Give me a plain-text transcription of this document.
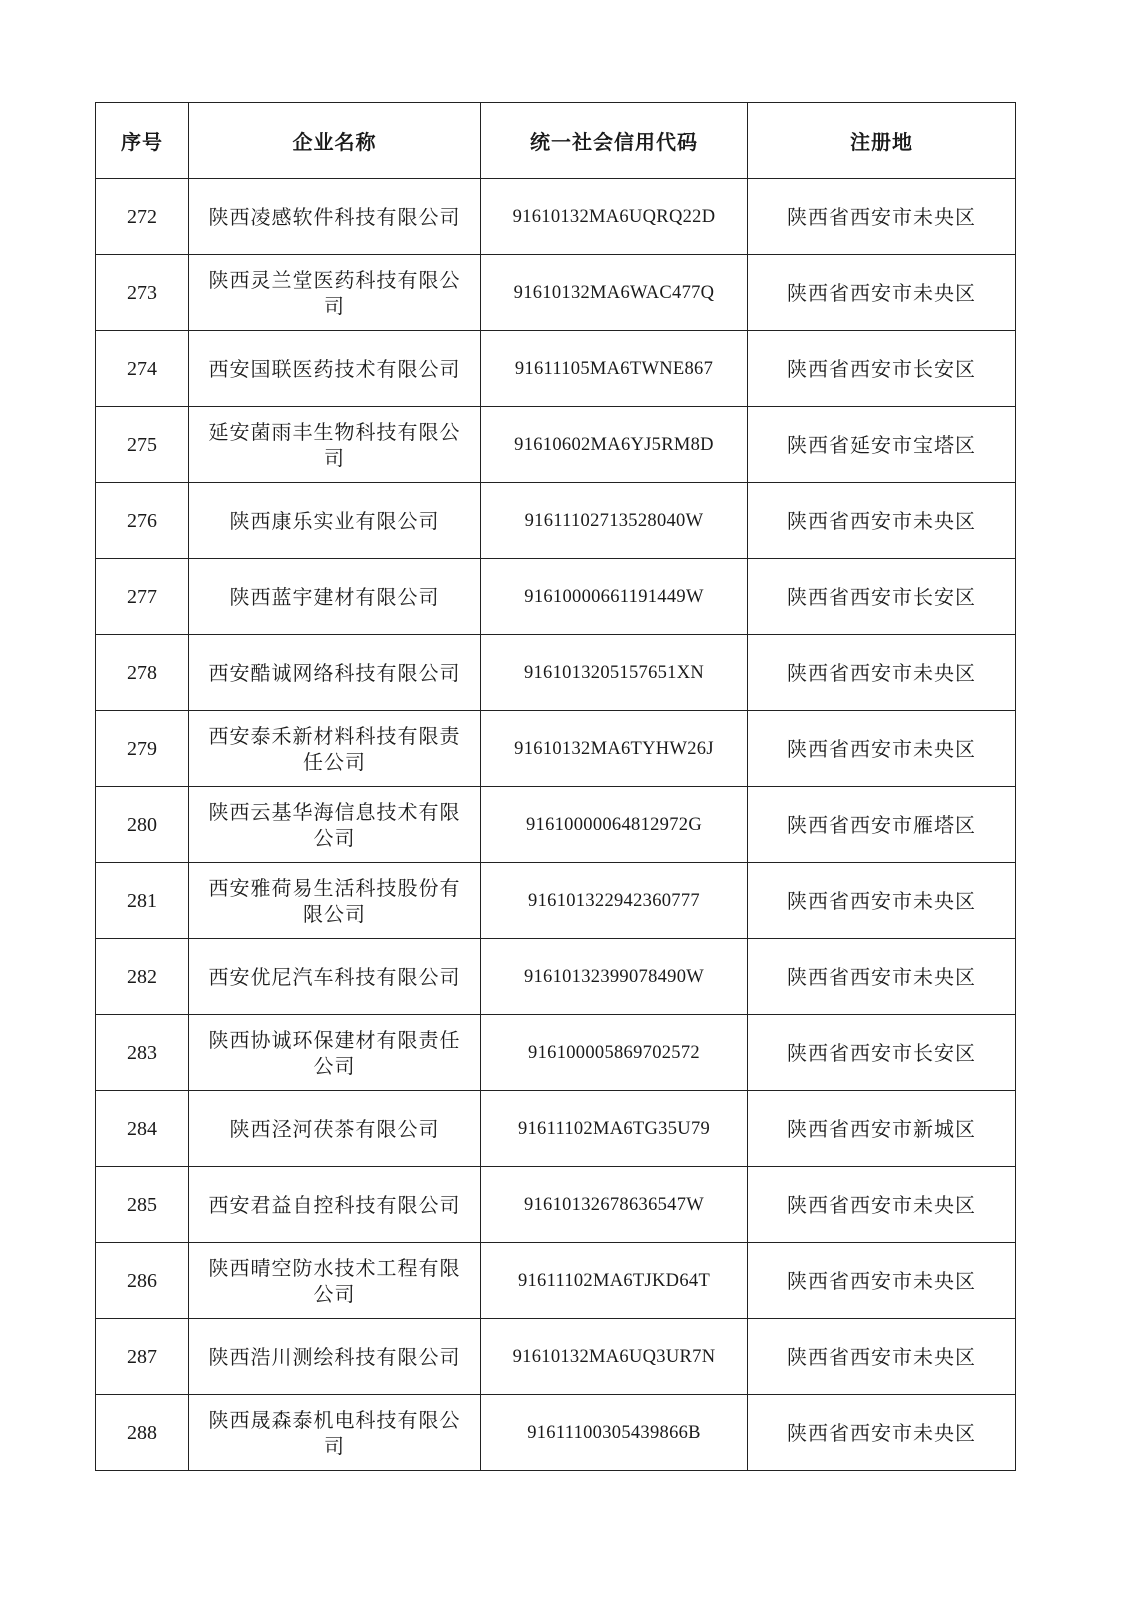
序号	企业名称	统一社会信用代码	注册地
272	陕西凌感软件科技有限公司	91610132MA6UQRQ22D	陕西省西安市未央区
273	陕西灵兰堂医药科技有限公司	91610132MA6WAC477Q	陕西省西安市未央区
274	西安国联医药技术有限公司	91611105MA6TWNE867	陕西省西安市长安区
275	延安菌雨丰生物科技有限公司	91610602MA6YJ5RM8D	陕西省延安市宝塔区
276	陕西康乐实业有限公司	91611102713528040W	陕西省西安市未央区
277	陕西蓝宇建材有限公司	91610000661191449W	陕西省西安市长安区
278	西安酷诚网络科技有限公司	9161013205157651XN	陕西省西安市未央区
279	西安泰禾新材料科技有限责任公司	91610132MA6TYHW26J	陕西省西安市未央区
280	陕西云基华海信息技术有限公司	91610000064812972G	陕西省西安市雁塔区
281	西安雅荷易生活科技股份有限公司	916101322942360777	陕西省西安市未央区
282	西安优尼汽车科技有限公司	91610132399078490W	陕西省西安市未央区
283	陕西协诚环保建材有限责任公司	916100005869702572	陕西省西安市长安区
284	陕西泾河茯茶有限公司	91611102MA6TG35U79	陕西省西安市新城区
285	西安君益自控科技有限公司	91610132678636547W	陕西省西安市未央区
286	陕西晴空防水技术工程有限公司	91611102MA6TJKD64T	陕西省西安市未央区
287	陕西浩川测绘科技有限公司	91610132MA6UQ3UR7N	陕西省西安市未央区
288	陕西晟森泰机电科技有限公司	91611100305439866B	陕西省西安市未央区
